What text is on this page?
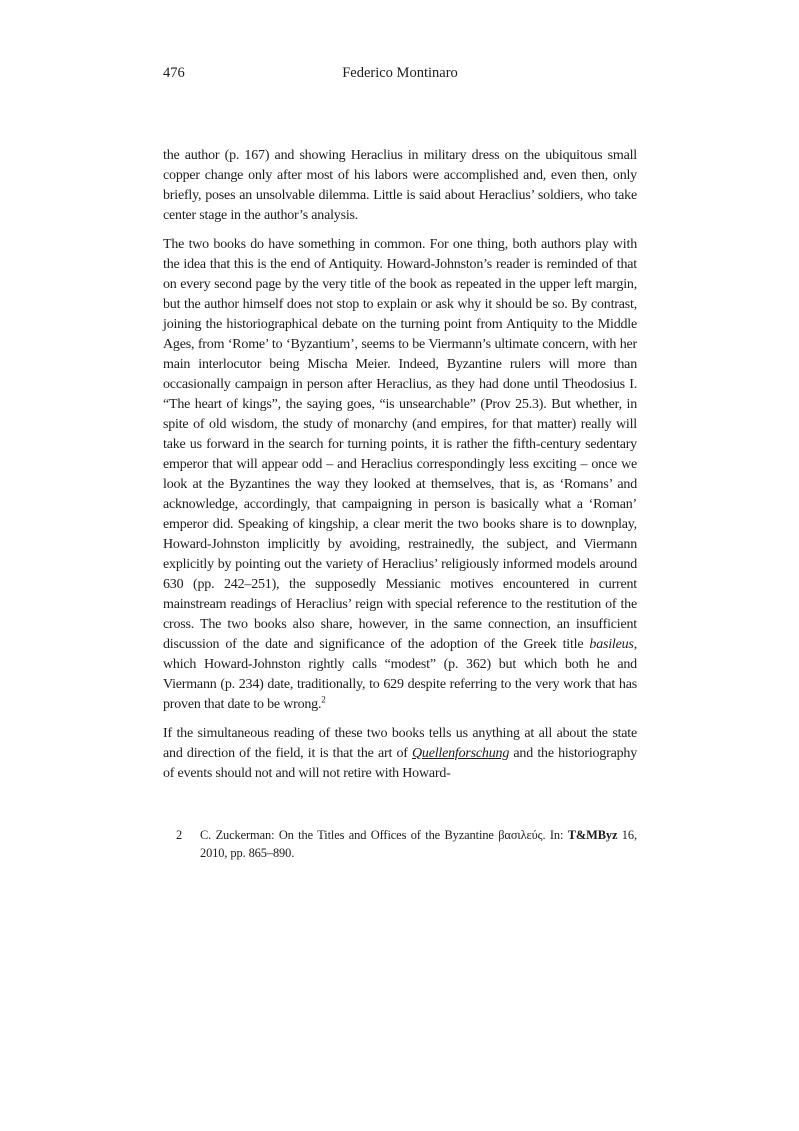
476	Federico Montinaro

the author (p. 167) and showing Heraclius in military dress on the ubiquitous small copper change only after most of his labors were accomplished and, even then, only briefly, poses an unsolvable dilemma. Little is said about Heraclius’ soldiers, who take center stage in the author’s analysis.

The two books do have something in common. For one thing, both authors play with the idea that this is the end of Antiquity. Howard-Johnston’s reader is reminded of that on every second page by the very title of the book as repeated in the upper left margin, but the author himself does not stop to explain or ask why it should be so. By contrast, joining the historiographical debate on the turning point from Antiquity to the Middle Ages, from ‘Rome’ to ‘Byzantium’, seems to be Viermann’s ultimate concern, with her main interlocutor being Mischa Meier. Indeed, Byzantine rulers will more than occasionally campaign in person after Heraclius, as they had done until Theodosius I. “The heart of kings”, the saying goes, “is unsearchable” (Prov 25.3). But whether, in spite of old wisdom, the study of monarchy (and empires, for that matter) really will take us forward in the search for turning points, it is rather the fifth-century sedentary emperor that will appear odd – and Heraclius correspondingly less exciting – once we look at the Byzantines the way they looked at themselves, that is, as ‘Romans’ and acknowledge, accordingly, that campaigning in person is basically what a ‘Roman’ emperor did. Speaking of kingship, a clear merit the two books share is to downplay, Howard-Johnston implicitly by avoiding, restrainedly, the subject, and Viermann explicitly by pointing out the variety of Heraclius’ religiously informed models around 630 (pp. 242–251), the supposedly Messianic motives encountered in current mainstream readings of Heraclius’ reign with special reference to the restitution of the cross. The two books also share, however, in the same connection, an insufficient discussion of the date and significance of the adoption of the Greek title basileus, which Howard-Johnston rightly calls “modest” (p. 362) but which both he and Viermann (p. 234) date, traditionally, to 629 despite referring to the very work that has proven that date to be wrong.$^2$

If the simultaneous reading of these two books tells us anything at all about the state and direction of the field, it is that the art of Quellenforschung and the historiography of events should not and will not retire with Howard-

2	C. Zuckerman: On the Titles and Offices of the Byzantine βασιλεύς. In: T&MByz 16, 2010, pp. 865–890.
